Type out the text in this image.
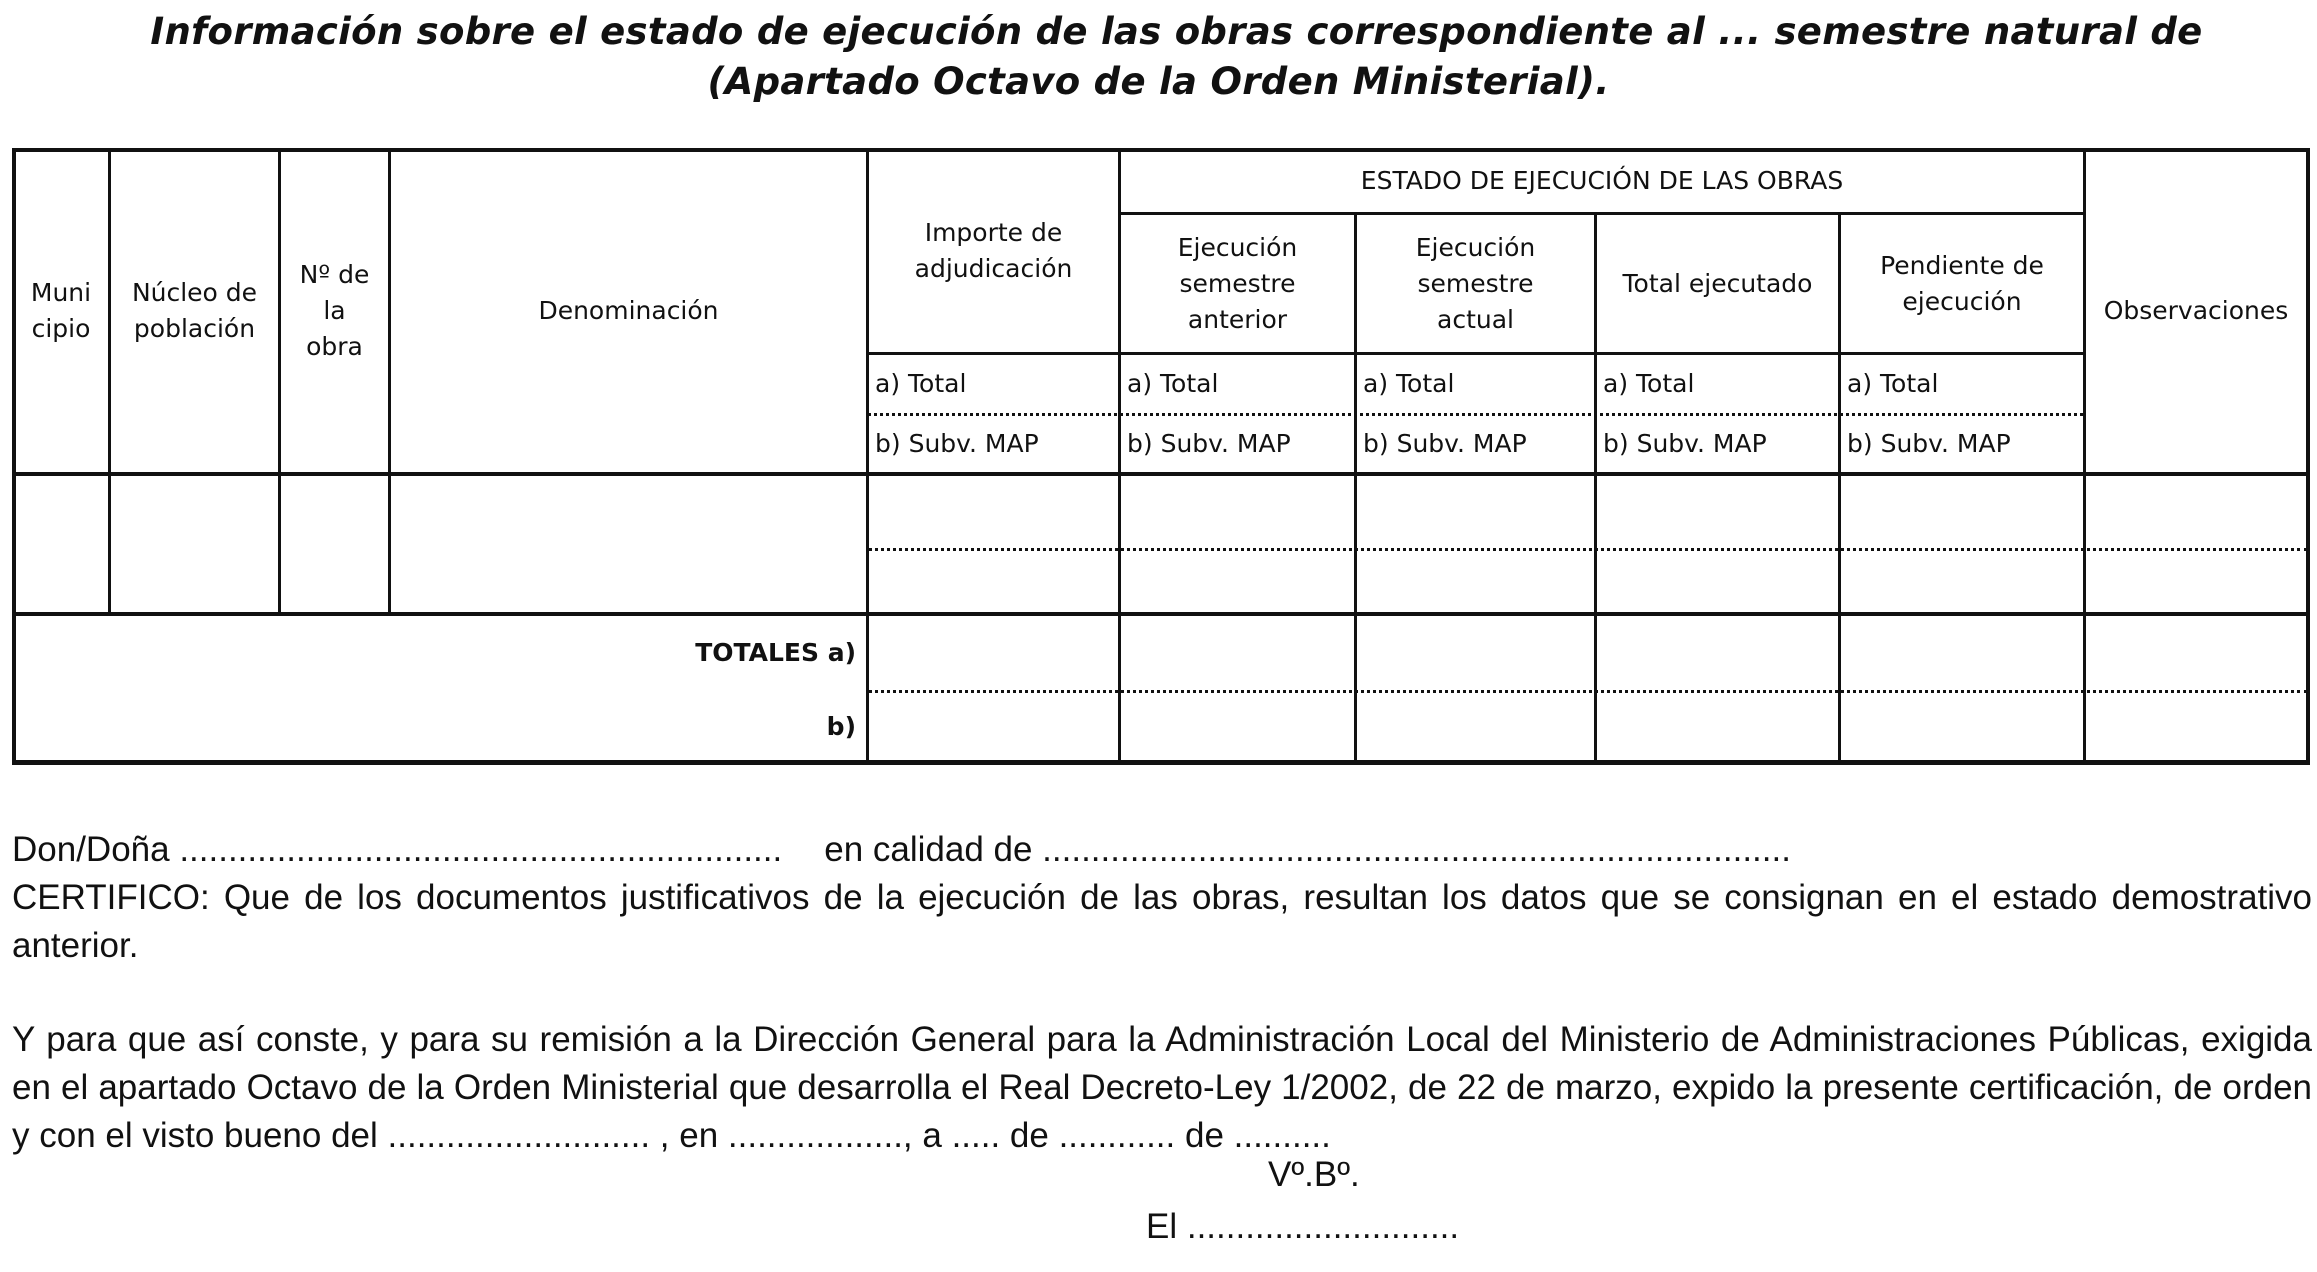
Información sobre el estado de ejecución de las obras correspondiente al ... semestre natural de
(Apartado Octavo de la Orden Ministerial).
Muni
cipio
Núcleo de
población
Nº de
la
obra
Denominación
Importe de
adjudicación
ESTADO DE EJECUCIÓN DE LAS OBRAS
Ejecución
semestre
anterior
Ejecución
semestre
actual
Total ejecutado
Pendiente de
ejecución	Observaciones
a) Total
b) Subv. MAP
a) Total
b) Subv. MAP
a) Total
b) Subv. MAP
a) Total
b) Subv. MAP
a) Total
b) Subv. MAP
TOTALES a)
b)
Don/Doña .............................................................. en calidad de .............................................................................
CERTIFICO: Que de los documentos justificativos de la ejecución de las obras, resultan los datos que se consignan en el estado demostrativo anterior.
Y para que así conste, y para su remisión a la Dirección General para la Administración Local del Ministerio de Administraciones Públicas, exigida en el apartado Octavo de la Orden Ministerial que desarrolla el Real Decreto-Ley 1/2002, de 22 de marzo, expido la presente certificación, de orden y con el visto bueno del ........................... , en .................., a ..... de ............ de ..........
Vº.Bº.
El ............................
